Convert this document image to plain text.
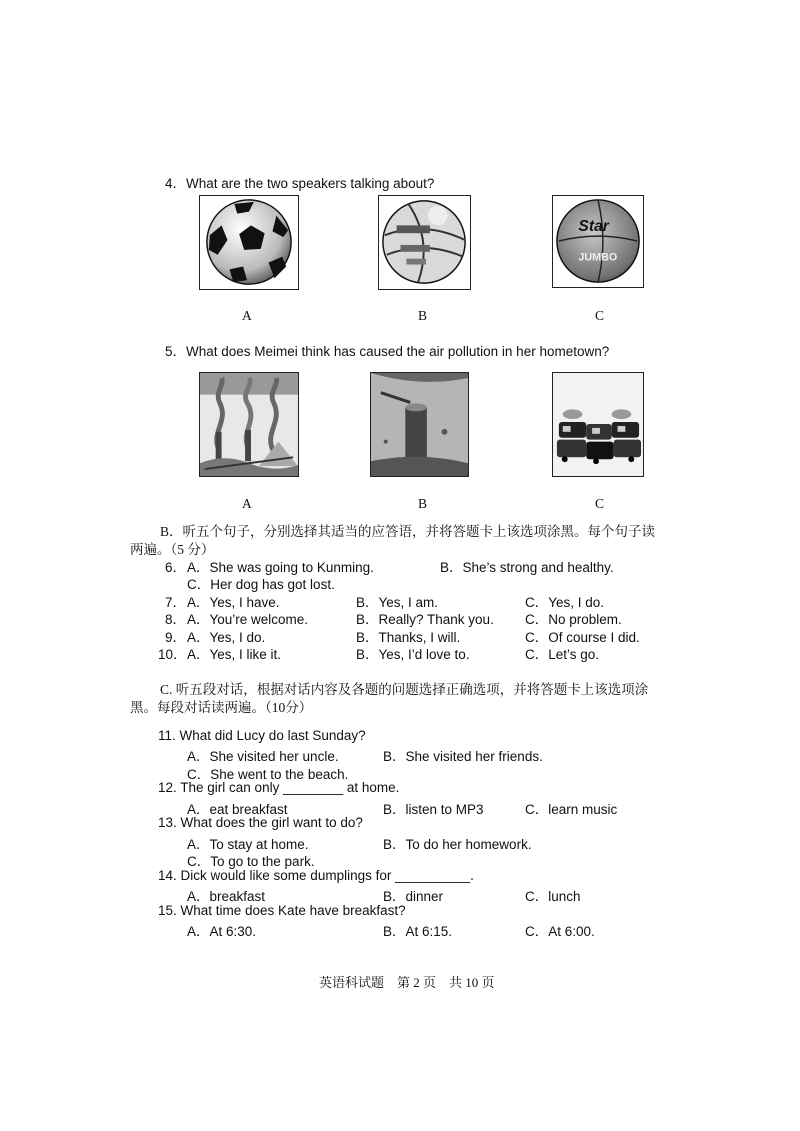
4．What are the two speakers talking about?
Star
JUMBO
A	B	C
5．What does Meimei think has caused the air pollution in her hometown?
A	B	C
B．听五个句子，分别选择其适当的应答语，并将答题卡上该选项涂黑。每个句子读
两遍。（5 分）
6． A．She was going to Kunming.	B．She’s strong and healthy.
C．Her dog has got lost.
7． A．Yes, I have.	B．Yes, I am.	C．Yes, I do.
8． A．You’re welcome.	B．Really? Thank you. C．No problem.
9． A．Yes, I do.	B．Thanks, I will.	C．Of course I did.
10． A．Yes, I like it.	B．Yes, I’d love to.	C．Let’s go.
C. 听五段对话，根据对话内容及各题的问题选择正确选项，并将答题卡上该选项涂
黑。每段对话读两遍。（10分）
11. What did Lucy do last Sunday?
A．She visited her uncle.	B．She visited her friends.
C．She went to the beach.
12. The girl can only ________ at home.
A．eat breakfast	B．listen to MP3	C．learn music
13. What does the girl want to do?
A．To stay at home.	B．To do her homework.
C．To go to the park.
14. Dick would like some dumplings for __________.
A．breakfast	B．dinner	C．lunch
15. What time does Kate have breakfast?
A．At 6:30.	B．At 6:15.	C．At 6:00.
英语科试题　第 2 页　共 10 页
